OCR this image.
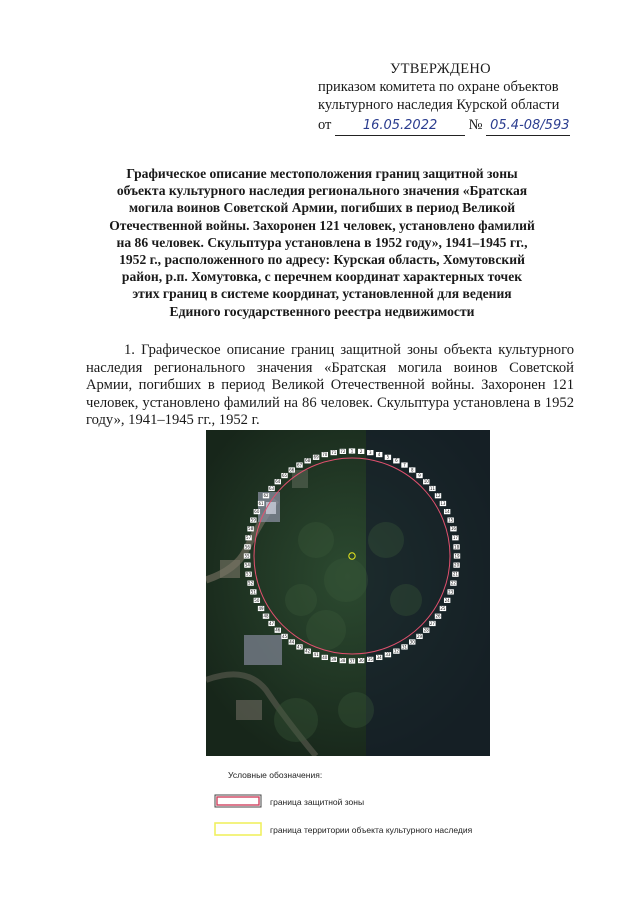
УТВЕРЖДЕНО
приказом комитета по охране объектов
культурного наследия Курской области
от 16.05.2022 № 05.4-08/593
Графическое описание местоположения границ защитной зоны
объекта культурного наследия регионального значения «Братская
могила воинов Советской Армии, погибших в период Великой
Отечественной войны. Захоронен 121 человек, установлено фамилий
на 86 человек. Скульптура установлена в 1952 году», 1941–1945 гг.,
1952 г., расположенного по адресу: Курская область, Хомутовский
район, р.п. Хомутовка, с перечнем координат характерных точек
этих границ в системе координат, установленной для ведения
Единого государственного реестра недвижимости
1. Графическое описание границ защитной зоны объекта культурного наследия регионального значения «Братская могила воинов Советской Армии, погибших в период Великой Отечественной войны. Захоронен 121 человек, установлено фамилий на 86 человек. Скульптура установлена в 1952 году», 1941–1945 гг., 1952 г.
1 2 3 4
5
6
7
8
9
10
11
12
13
14
15
16
17
18
19
20
21
22
23
24
25
26
27
28
29
30
31
32
33
34
35
36
37
38
39
40
41
42
43
44
45
46
47
48
49
50
51
52
53
54
55
56
57
58
59
60
61
62
63
64
65
66
67
68
69
70 71 72
Условные обозначения:
граница защитной зоны
граница территории объекта культурного наследия
